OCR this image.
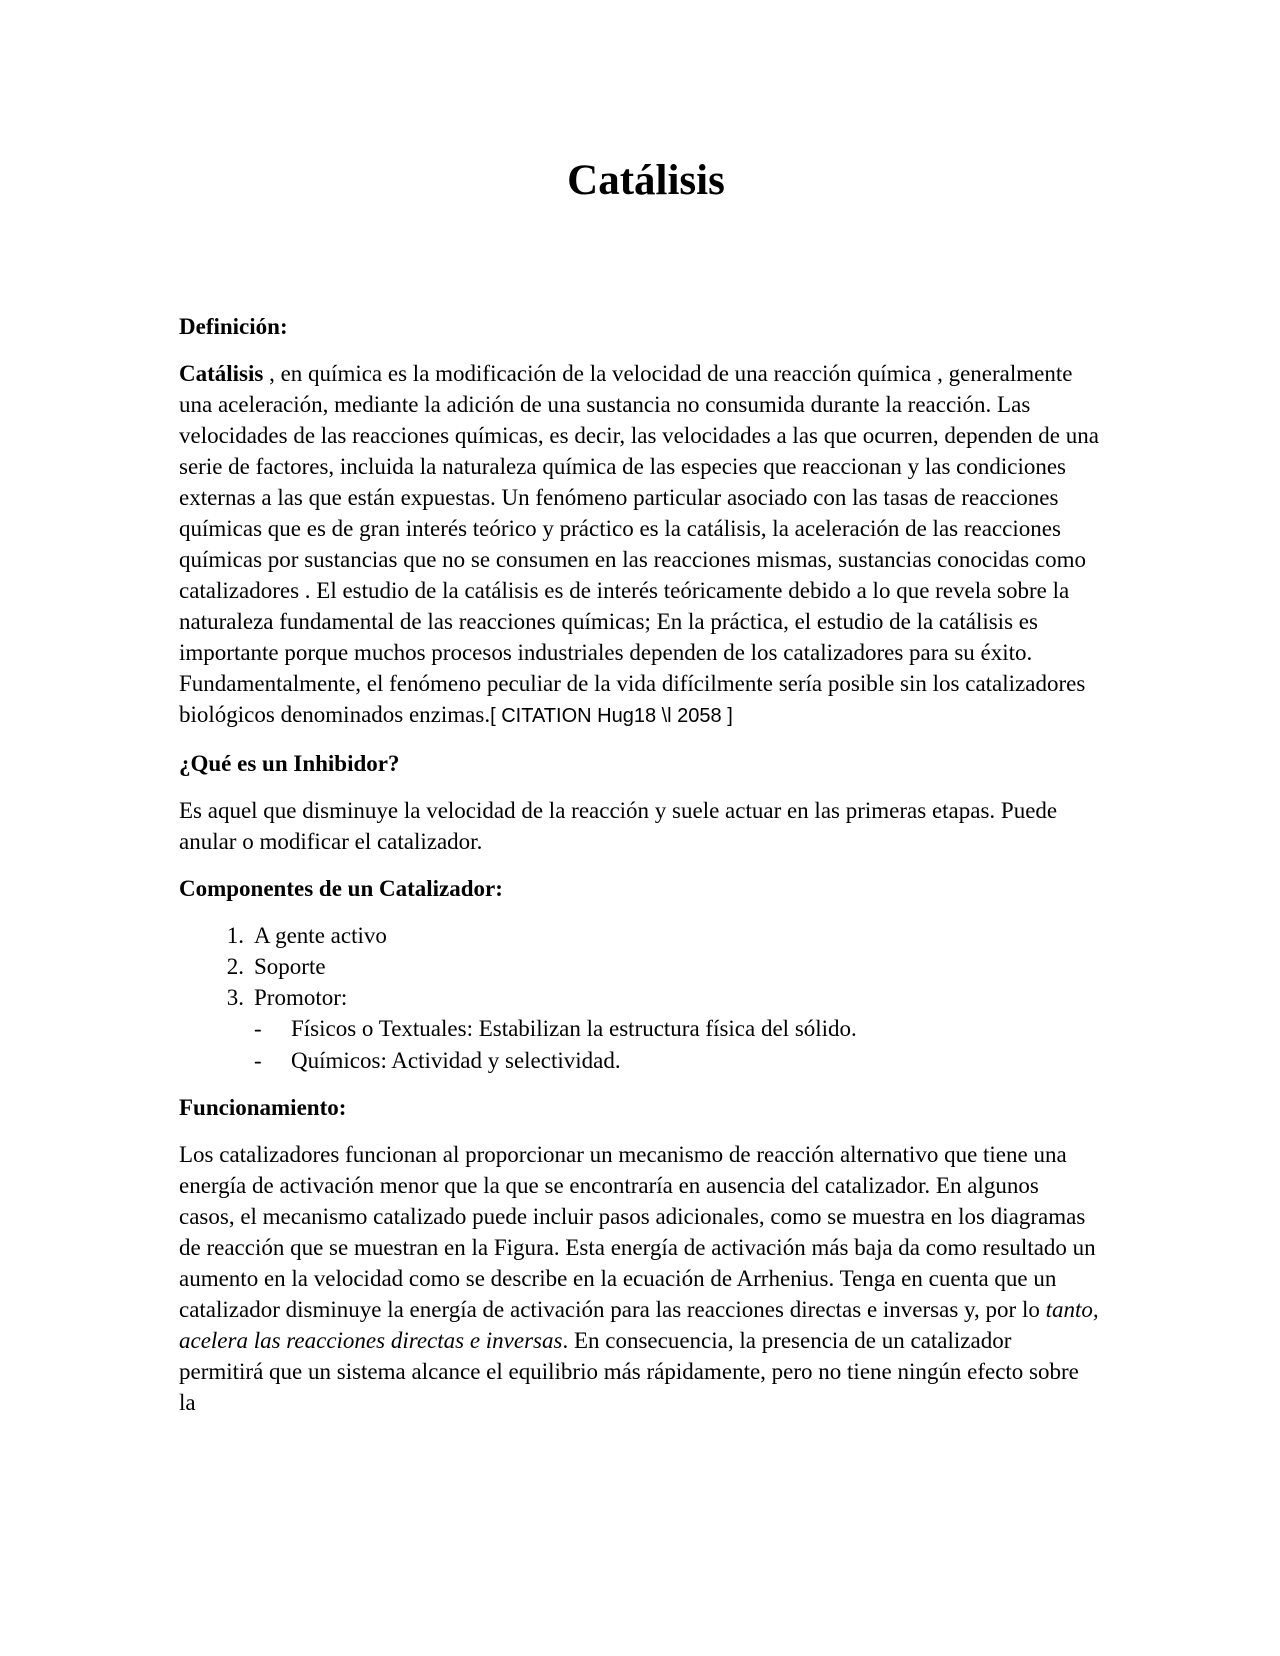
Catálisis

Definición:

Catálisis , en química es la modificación de la velocidad de una reacción química , generalmente una aceleración, mediante la adición de una sustancia no consumida durante la reacción. Las velocidades de las reacciones químicas, es decir, las velocidades a las que ocurren, dependen de una serie de factores, incluida la naturaleza química de las especies que reaccionan y las condiciones externas a las que están expuestas. Un fenómeno particular asociado con las tasas de reacciones químicas que es de gran interés teórico y práctico es la catálisis, la aceleración de las reacciones químicas por sustancias que no se consumen en las reacciones mismas, sustancias conocidas como catalizadores . El estudio de la catálisis es de interés teóricamente debido a lo que revela sobre la naturaleza fundamental de las reacciones químicas; En la práctica, el estudio de la catálisis es importante porque muchos procesos industriales dependen de los catalizadores para su éxito. Fundamentalmente, el fenómeno peculiar de la vida difícilmente sería posible sin los catalizadores biológicos denominados enzimas.[ CITATION Hug18 \l 2058 ]

¿Qué es un Inhibidor?

Es aquel que disminuye la velocidad de la reacción y suele actuar en las primeras etapas. Puede anular o modificar el catalizador.

Componentes de un Catalizador:

1. A gente activo
2. Soporte
3. Promotor:
- Físicos o Textuales: Estabilizan la estructura física del sólido.
- Químicos: Actividad y selectividad.

Funcionamiento:

Los catalizadores funcionan al proporcionar un mecanismo de reacción alternativo que tiene una energía de activación menor que la que se encontraría en ausencia del catalizador. En algunos casos, el mecanismo catalizado puede incluir pasos adicionales, como se muestra en los diagramas de reacción que se muestran en la Figura. Esta energía de activación más baja da como resultado un aumento en la velocidad como se describe en la ecuación de Arrhenius. Tenga en cuenta que un catalizador disminuye la energía de activación para las reacciones directas e inversas y, por lo tanto, acelera las reacciones directas e inversas. En consecuencia, la presencia de un catalizador permitirá que un sistema alcance el equilibrio más rápidamente, pero no tiene ningún efecto sobre la
